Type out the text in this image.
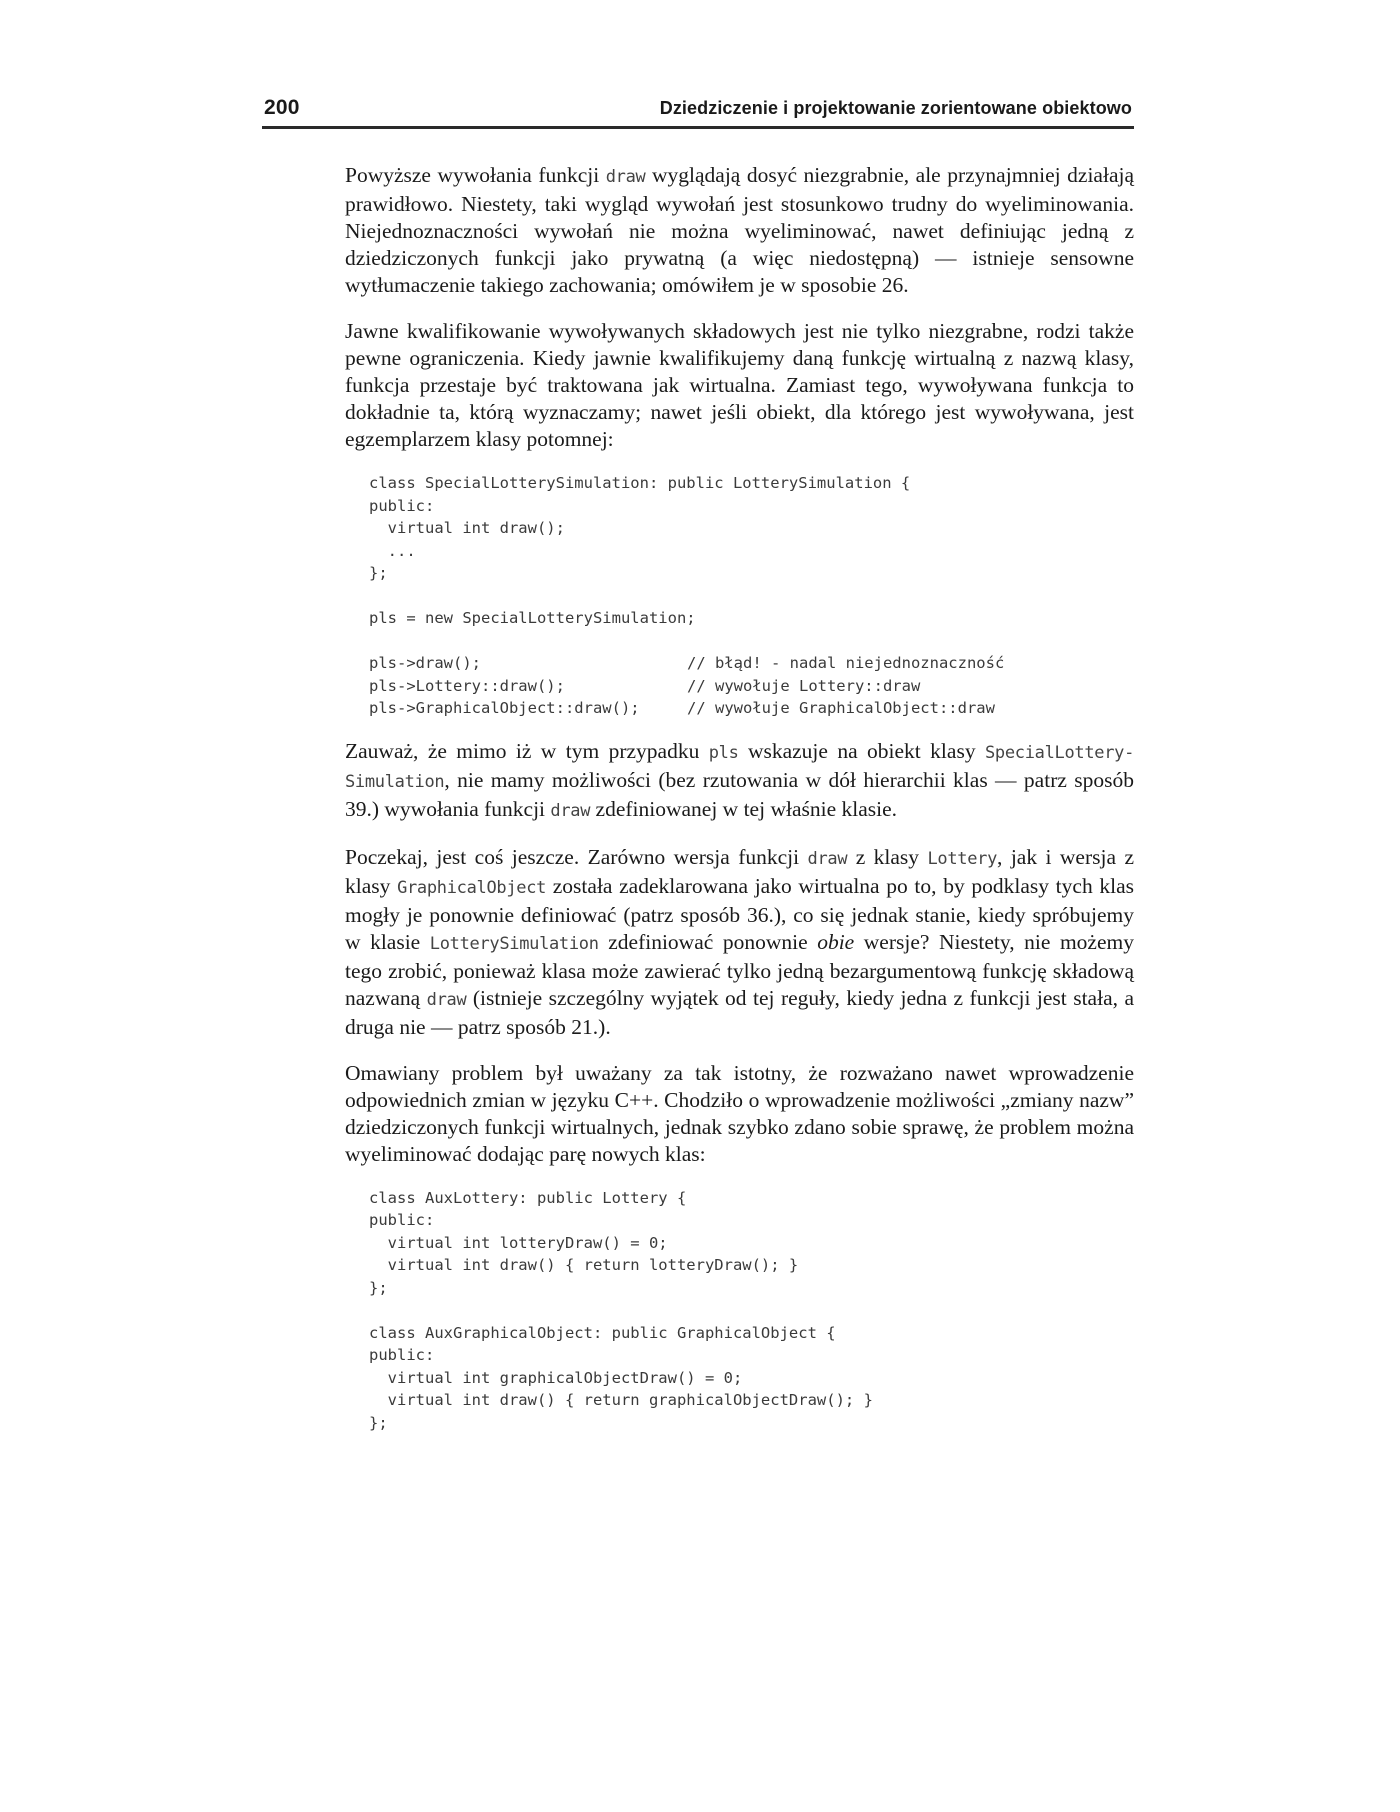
200	Dziedziczenie i projektowanie zorientowane obiektowo

Powyższe wywołania funkcji draw wyglądają dosyć niezgrabnie, ale przynajmniej działają prawidłowo. Niestety, taki wygląd wywołań jest stosunkowo trudny do wyeliminowania. Niejednoznaczności wywołań nie można wyeliminować, nawet definiując jedną z dziedziczonych funkcji jako prywatną (a więc niedostępną) — istnieje sensowne wytłumaczenie takiego zachowania; omówiłem je w sposobie 26.

Jawne kwalifikowanie wywoływanych składowych jest nie tylko niezgrabne, rodzi także pewne ograniczenia. Kiedy jawnie kwalifikujemy daną funkcję wirtualną z nazwą klasy, funkcja przestaje być traktowana jak wirtualna. Zamiast tego, wywoływana funkcja to dokładnie ta, którą wyznaczamy; nawet jeśli obiekt, dla którego jest wywoływana, jest egzemplarzem klasy potomnej:

class SpecialLotterySimulation: public LotterySimulation {
public:
virtual int draw();
...
};
pls = new SpecialLotterySimulation;
pls->draw();	// błąd! - nadal niejednoznaczność
pls->Lottery::draw();	// wywołuje Lottery::draw
pls->GraphicalObject::draw();	// wywołuje GraphicalObject::draw

Zauważ, że mimo iż w tym przypadku pls wskazuje na obiekt klasy SpecialLottery-Simulation, nie mamy możliwości (bez rzutowania w dół hierarchii klas — patrz sposób 39.) wywołania funkcji draw zdefiniowanej w tej właśnie klasie.

Poczekaj, jest coś jeszcze. Zarówno wersja funkcji draw z klasy Lottery, jak i wersja z klasy GraphicalObject została zadeklarowana jako wirtualna po to, by podklasy tych klas mogły je ponownie definiować (patrz sposób 36.), co się jednak stanie, kiedy spróbujemy w klasie LotterySimulation zdefiniować ponownie obie wersje? Niestety, nie możemy tego zrobić, ponieważ klasa może zawierać tylko jedną bezargumentową funkcję składową nazwaną draw (istnieje szczególny wyjątek od tej reguły, kiedy jedna z funkcji jest stała, a druga nie — patrz sposób 21.).

Omawiany problem był uważany za tak istotny, że rozważano nawet wprowadzenie odpowiednich zmian w języku C++. Chodziło o wprowadzenie możliwości „zmiany nazw” dziedziczonych funkcji wirtualnych, jednak szybko zdano sobie sprawę, że problem można wyeliminować dodając parę nowych klas:

class AuxLottery: public Lottery {
public:
virtual int lotteryDraw() = 0;
virtual int draw() { return lotteryDraw(); }
};
class AuxGraphicalObject: public GraphicalObject {
public:
virtual int graphicalObjectDraw() = 0;
virtual int draw() { return graphicalObjectDraw(); }
};
